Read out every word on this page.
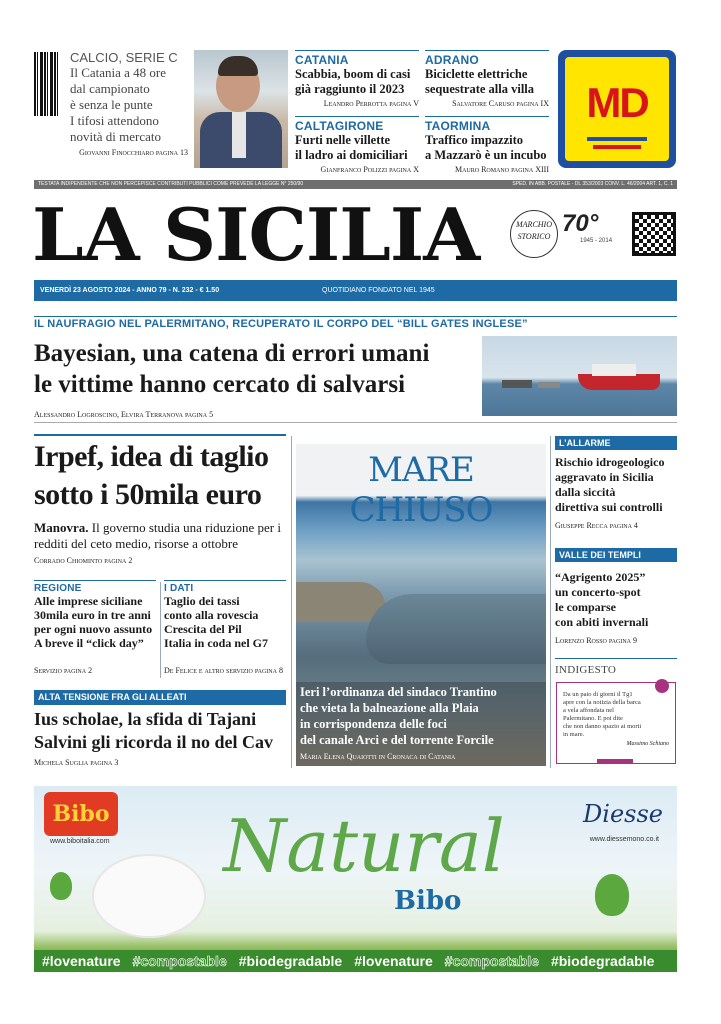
CALCIO, SERIE C
Il Catania a 48 ore
dal campionato
è senza le punte
I tifosi attendono
novità di mercato
Giovanni Finocchiaro pagina 13
CATANIA
Scabbia, boom di casi
già raggiunto il 2023
Leandro Perrotta pagina V
ADRANO
Biciclette elettriche
sequestrate alla villa
Salvatore Caruso pagina IX
CALTAGIRONE
Furti nelle villette
il ladro ai domiciliari
Gianfranco Polizzi pagina X
TAORMINA
Traffico impazzito
a Mazzarò è un incubo
Mauro Romano pagina XIII
MD
TESTATA INDIPENDENTE CHE NON PERCEPISCE CONTRIBUTI PUBBLICI COME PREVEDE LA LEGGE N° 250/90	SPED. IN ABB. POSTALE - DL 353/2003 CONV. L. 46/2004 ART. 1, C. 1
LA SICILIA	MARCHIO STORICO 70°
1945 - 2014
VENERDÌ 23 AGOSTO 2024 - ANNO 79 - N. 232 - € 1.50	QUOTIDIANO FONDATO NEL 1945
IL NAUFRAGIO NEL PALERMITANO, RECUPERATO IL CORPO DEL “BILL GATES INGLESE”
Bayesian, una catena di errori umani
le vittime hanno cercato di salvarsi
Alessandro Logroscino, Elvira Terranova pagina 5
Irpef, idea di taglio
sotto i 50mila euro
Manovra. Il governo studia una riduzione per i redditi del ceto medio, risorse a ottobre
Corrado Chiominto pagina 2
REGIONE
Alle imprese siciliane
30mila euro in tre anni
per ogni nuovo assunto
A breve il “click day”
Servizio pagina 2
I DATI
Taglio dei tassi
conto alla rovescia
Crescita del Pil
Italia in coda nel G7
De Felice e altro servizio pagina 8
ALTA TENSIONE FRA GLI ALLEATI
Ius scholae, la sfida di Tajani
Salvini gli ricorda il no del Cav
Michela Suglia pagina 3
MARE CHIUSO
Ieri l’ordinanza del sindaco Trantino
che vieta la balneazione alla Plaia
in corrispondenza delle foci
del canale Arci e del torrente Forcile
Maria Elena Quaiotti in Cronaca di Catania
L’ALLARME
Rischio idrogeologico
aggravato in Sicilia
dalla siccità
direttiva sui controlli
Giuseppe Recca pagina 4
VALLE DEI TEMPLI
“Agrigento 2025”
un concerto-spot
le comparse
con abiti invernali
Lorenzo Rosso pagina 9
INDIGESTO
Da un paio di giorni il Tg1
apre con la notizia della barca
a vela affondata nel
Palermitano. E poi dite
che non danno spazio ai morti
in mare.
Massimo Schiano
Bibo
www.biboitalia.com
Diesse
www.diessemono.co.it
Natural
Bibo
#lovenature #compostable #biodegradable #lovenature #compostable #biodegradable
